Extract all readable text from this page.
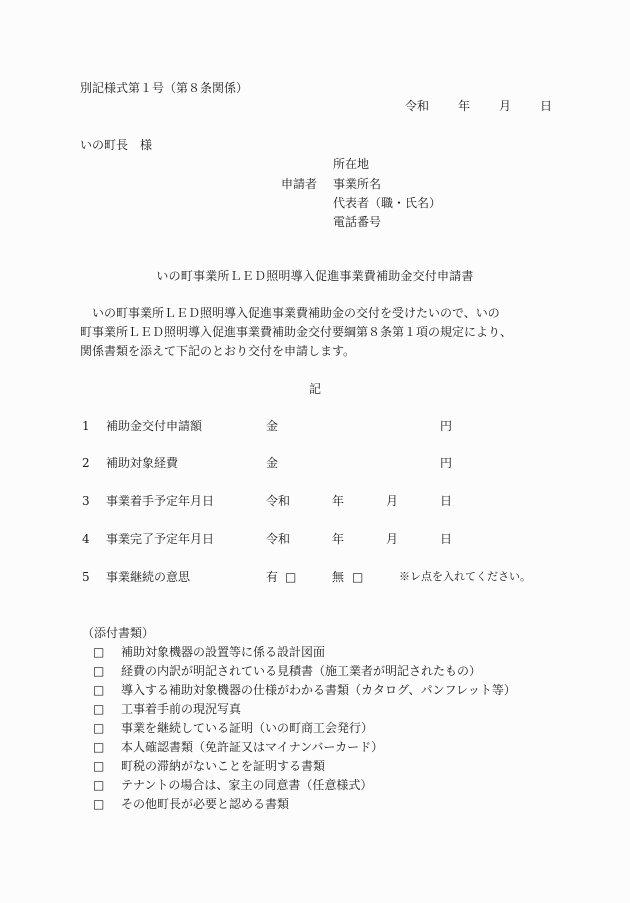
別記様式第１号（第８条関係）
令和 年 月 日
いの町長　様
申請者
所在地
事業所名
代表者（職・氏名）
電話番号
いの町事業所ＬＥＤ照明導入促進事業費補助金交付申請書

　いの町事業所ＬＥＤ照明導入促進事業費補助金の交付を受けたいので、いの

町事業所ＬＥＤ照明導入促進事業費補助金交付要綱第８条第１項の規定により、

関係書類を添えて下記のとおり交付を申請します。

記
1 補助金交付申請額	金	円
2 補助対象経費	金	円
3 事業着手予定年月日	令和	年	月	日
4 事業完了予定年月日	令和	年	月	日
5 事業継続の意思	有 □	無 □	※レ点を入れてください。
（添付書類）
□ 補助対象機器の設置等に係る設計図面
□ 経費の内訳が明記されている見積書（施工業者が明記されたもの）
□ 導入する補助対象機器の仕様がわかる書類（カタログ、パンフレット等）
□ 工事着手前の現況写真
□ 事業を継続している証明（いの町商工会発行）
□ 本人確認書類（免許証又はマイナンバーカード）
□ 町税の滞納がないことを証明する書類
□ テナントの場合は、家主の同意書（任意様式）
□ その他町長が必要と認める書類
